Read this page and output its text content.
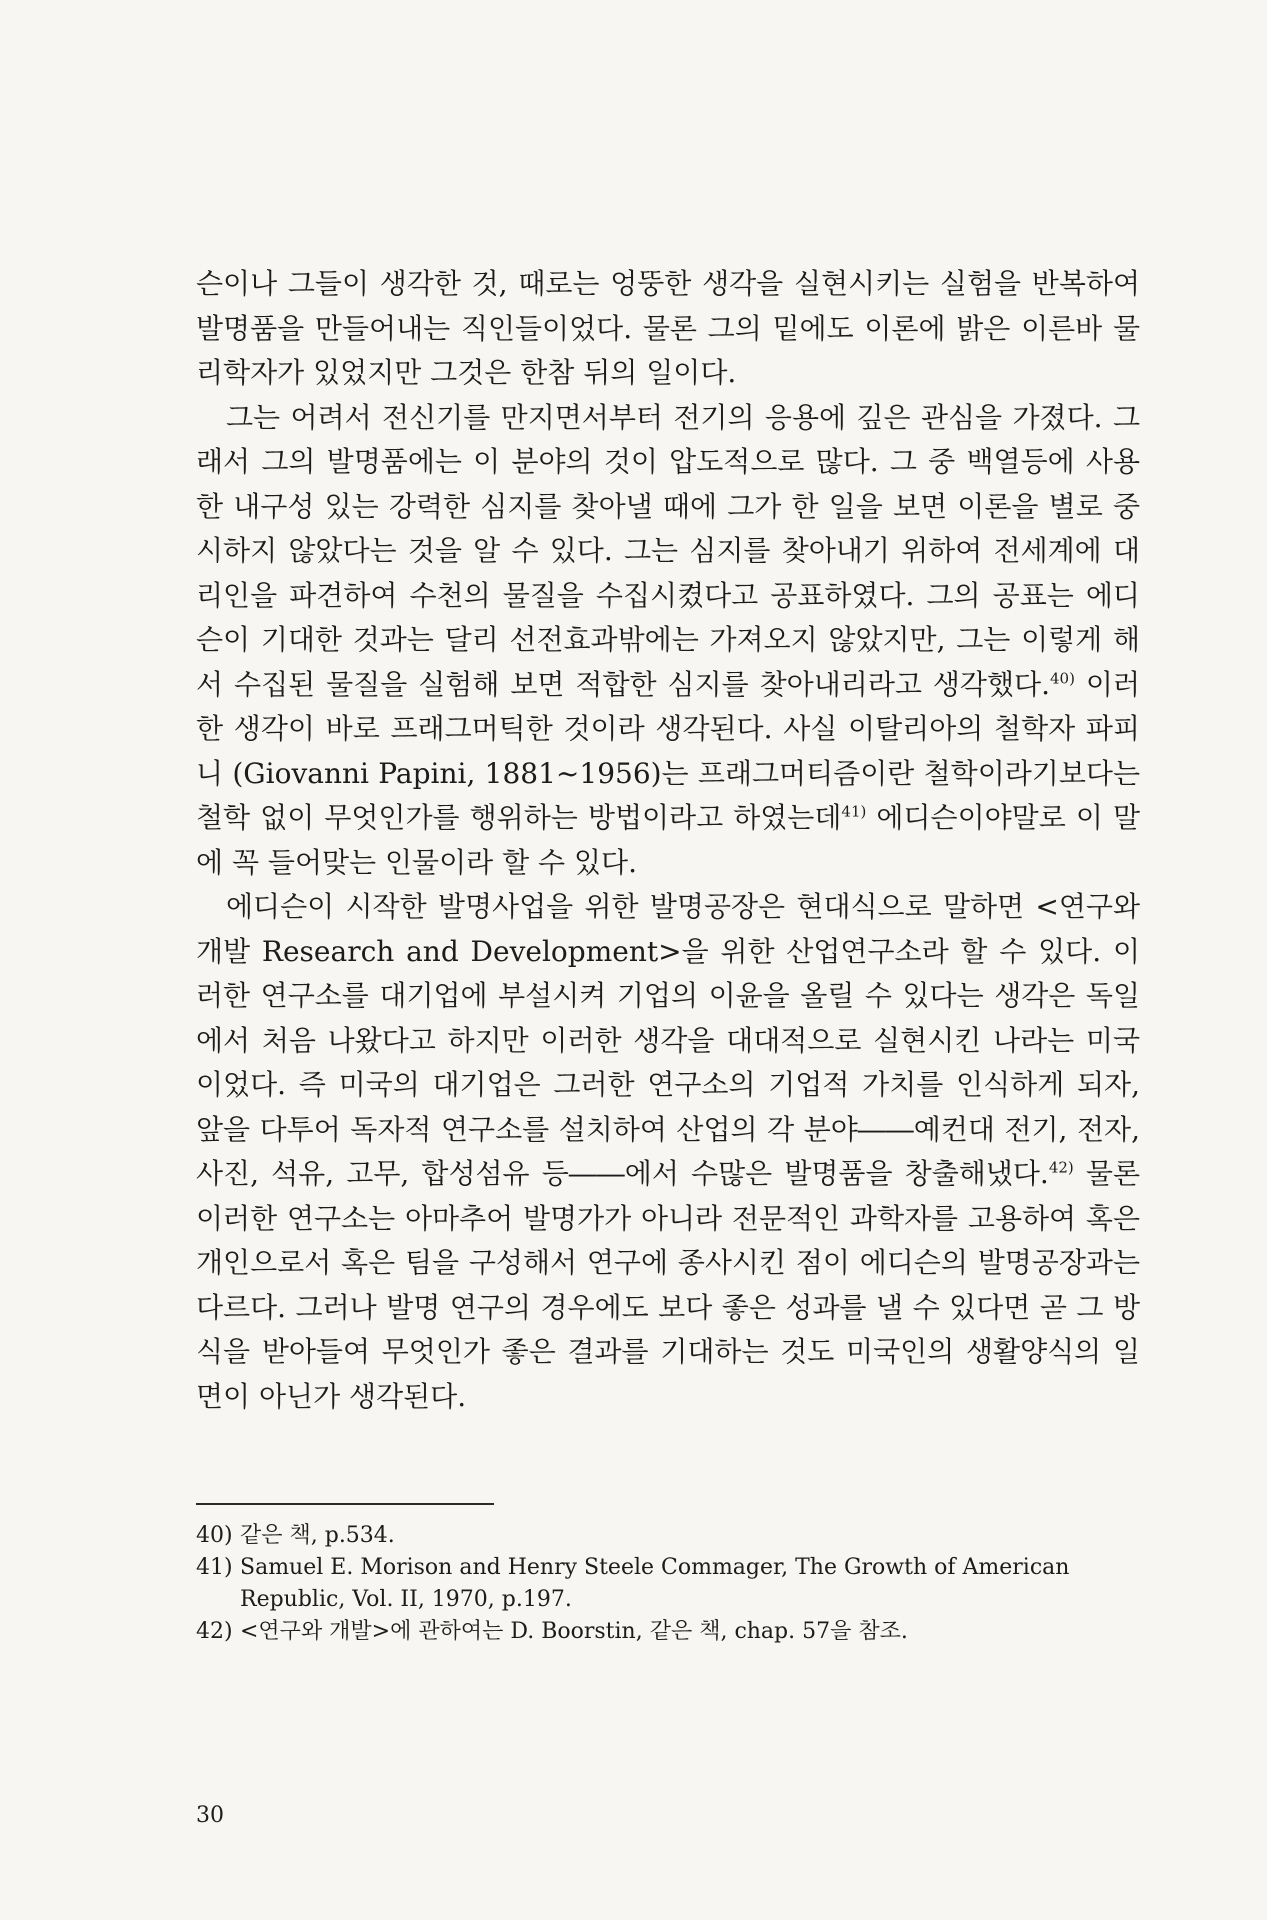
슨이나 그들이 생각한 것, 때로는 엉뚱한 생각을 실현시키는 실험을 반복하여 발명품을 만들어내는 직인들이었다. 물론 그의 밑에도 이론에 밝은 이른바 물리학자가 있었지만 그것은 한참 뒤의 일이다.

그는 어려서 전신기를 만지면서부터 전기의 응용에 깊은 관심을 가졌다. 그래서 그의 발명품에는 이 분야의 것이 압도적으로 많다. 그 중 백열등에 사용한 내구성 있는 강력한 심지를 찾아낼 때에 그가 한 일을 보면 이론을 별로 중시하지 않았다는 것을 알 수 있다. 그는 심지를 찾아내기 위하여 전세계에 대리인을 파견하여 수천의 물질을 수집시켰다고 공표하였다. 그의 공표는 에디슨이 기대한 것과는 달리 선전효과밖에는 가져오지 않았지만, 그는 이렇게 해서 수집된 물질을 실험해 보면 적합한 심지를 찾아내리라고 생각했다.$^{40)}$ 이러한 생각이 바로 프래그머틱한 것이라 생각된다. 사실 이탈리아의 철학자 파피니 (Giovanni Papini, 1881~1956)는 프래그머티즘이란 철학이라기보다는 철학 없이 무엇인가를 행위하는 방법이라고 하였는데$^{41)}$ 에디슨이야말로 이 말에 꼭 들어맞는 인물이라 할 수 있다.

에디슨이 시작한 발명사업을 위한 발명공장은 현대식으로 말하면 <연구와 개발 Research and Development>을 위한 산업연구소라 할 수 있다. 이러한 연구소를 대기업에 부설시켜 기업의 이윤을 올릴 수 있다는 생각은 독일에서 처음 나왔다고 하지만 이러한 생각을 대대적으로 실현시킨 나라는 미국이었다. 즉 미국의 대기업은 그러한 연구소의 기업적 가치를 인식하게 되자, 앞을 다투어 독자적 연구소를 설치하여 산업의 각 분야――예컨대 전기, 전자, 사진, 석유, 고무, 합성섬유 등――에서 수많은 발명품을 창출해냈다.$^{42)}$ 물론 이러한 연구소는 아마추어 발명가가 아니라 전문적인 과학자를 고용하여 혹은 개인으로서 혹은 팀을 구성해서 연구에 종사시킨 점이 에디슨의 발명공장과는 다르다. 그러나 발명 연구의 경우에도 보다 좋은 성과를 낼 수 있다면 곧 그 방식을 받아들여 무엇인가 좋은 결과를 기대하는 것도 미국인의 생활양식의 일면이 아닌가 생각된다.

40) 같은 책, p.534.
41) Samuel E. Morison and Henry Steele Commager, The Growth of American Republic, Vol. II, 1970, p.197.
42) <연구와 개발>에 관하여는 D. Boorstin, 같은 책, chap. 57을 참조.
30
